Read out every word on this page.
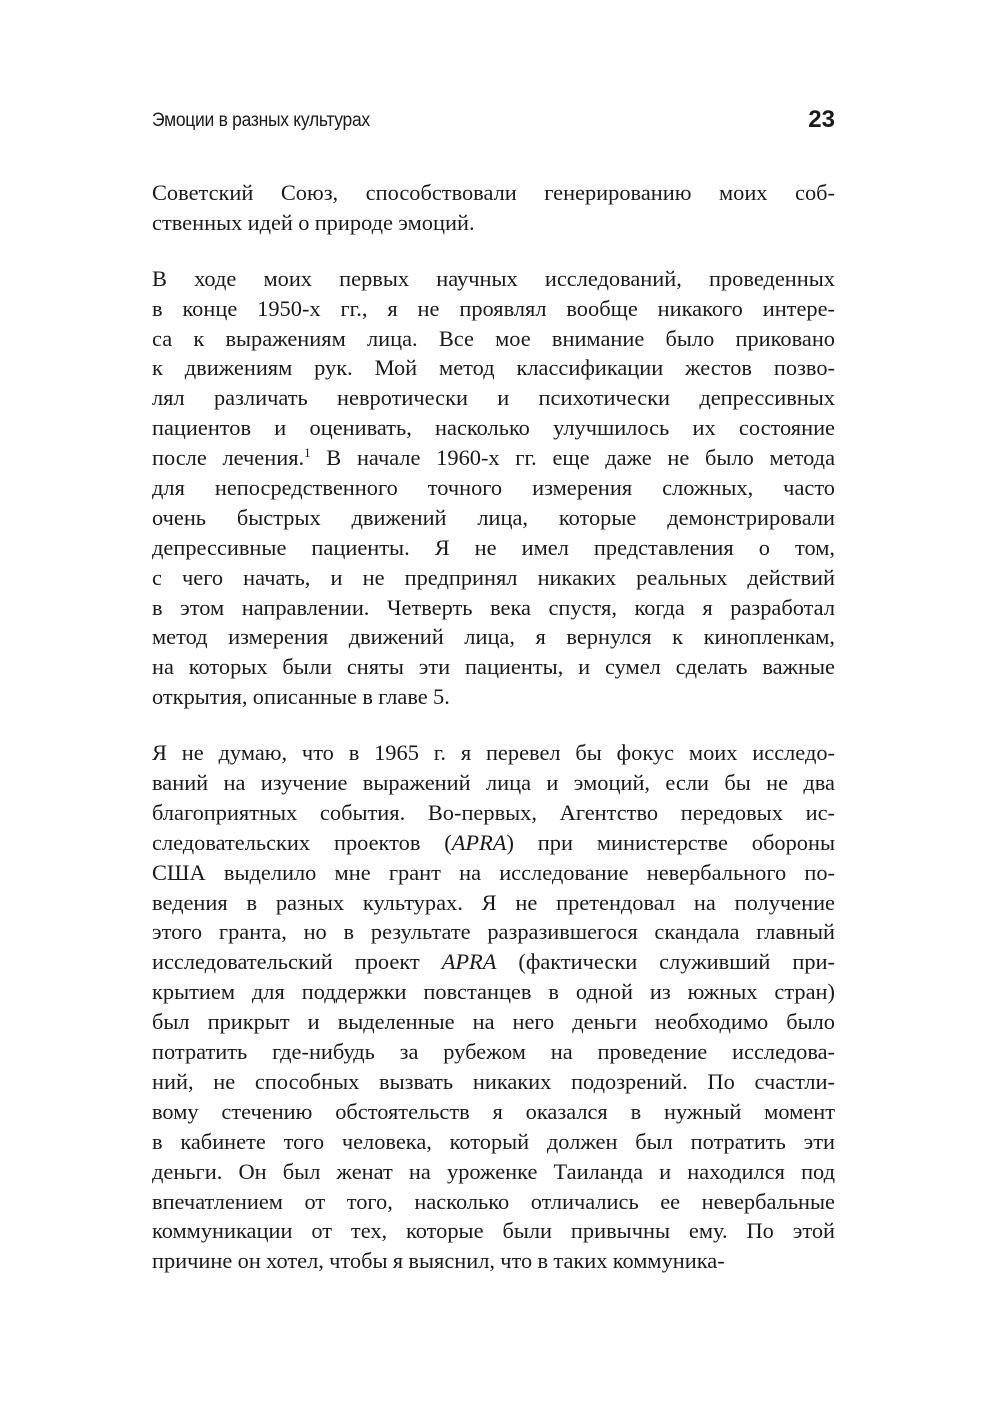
Эмоции в разных культурах	23

Советский Союз, способствовали генерированию моих соб-
ственных идей о природе эмоций.

В ходе моих первых научных исследований, проведенных
в конце 1950-х гг., я не проявлял вообще никакого интере-
са к выражениям лица. Все мое внимание было приковано
к движениям рук. Мой метод классификации жестов позво-
лял различать невротически и психотически депрессивных
пациентов и оценивать, насколько улучшилось их состояние
после лечения.$^1$ В начале 1960-х гг. еще даже не было метода
для непосредственного точного измерения сложных, часто
очень быстрых движений лица, которые демонстрировали
депрессивные пациенты. Я не имел представления о том,
с чего начать, и не предпринял никаких реальных действий
в этом направлении. Четверть века спустя, когда я разработал
метод измерения движений лица, я вернулся к кинопленкам,
на которых были сняты эти пациенты, и сумел сделать важные
открытия, описанные в главе 5.

Я не думаю, что в 1965 г. я перевел бы фокус моих исследо-
ваний на изучение выражений лица и эмоций, если бы не два
благоприятных события. Во-первых, Агентство передовых ис-
следовательских проектов (APRA) при министерстве обороны
США выделило мне грант на исследование невербального по-
ведения в разных культурах. Я не претендовал на получение
этого гранта, но в результате разразившегося скандала главный
исследовательский проект APRA (фактически служивший при-
крытием для поддержки повстанцев в одной из южных стран)
был прикрыт и выделенные на него деньги необходимо было
потратить где-нибудь за рубежом на проведение исследова-
ний, не способных вызвать никаких подозрений. По счастли-
вому стечению обстоятельств я оказался в нужный момент
в кабинете того человека, который должен был потратить эти
деньги. Он был женат на уроженке Таиланда и находился под
впечатлением от того, насколько отличались ее невербальные
коммуникации от тех, которые были привычны ему. По этой
причине он хотел, чтобы я выяснил, что в таких коммуника-
